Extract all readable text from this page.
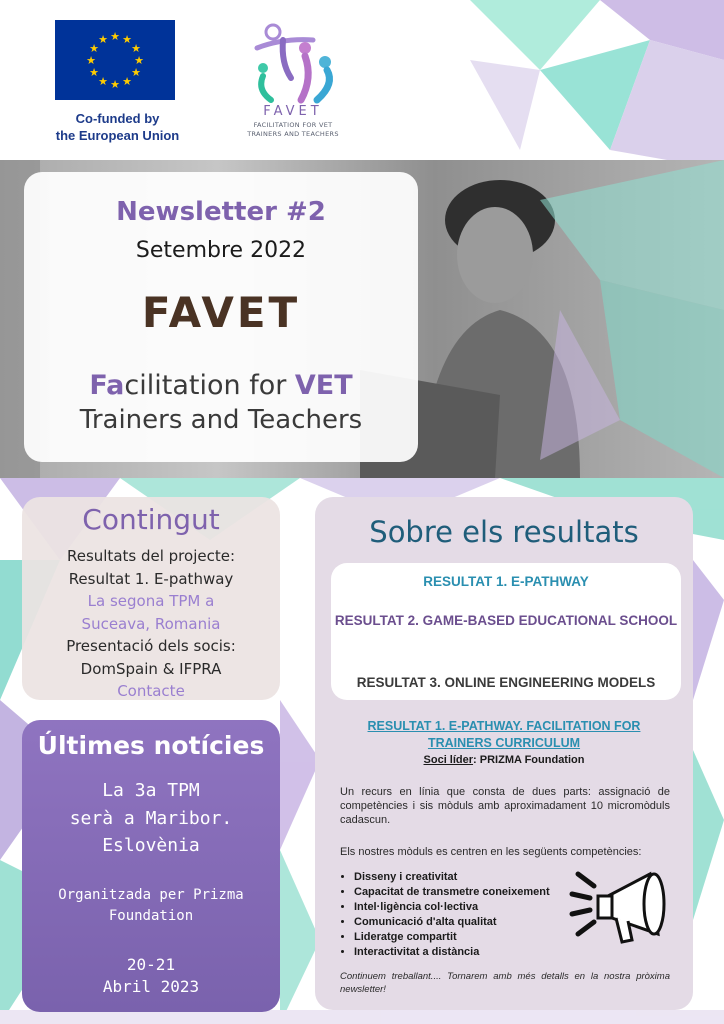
★ ★
★
★
★
★
★
★
★
★
★
★
Co-funded by
the European Union
FAVET
FACILITATION FOR VET
TRAINERS AND TEACHERS
Newsletter #2
Setembre 2022
FAVET
Facilitation for VET
Trainers and Teachers
Contingut
Resultats del projecte:
Resultat 1. E-pathway
La segona TPM a
Suceava, Romania
Presentació dels socis:
DomSpain & IFPRA
Contacte
Últimes notícies
La 3a TPM
serà a Maribor.
Eslovènia
Organitzada per Prizma
Foundation
20-21
Abril 2023
Sobre els resultats
RESULTAT 1. E-PATHWAY
RESULTAT 2. GAME-BASED EDUCATIONAL SCHOOL
RESULTAT 3. ONLINE ENGINEERING MODELS
RESULTAT 1. E-PATHWAY. FACILITATION FOR TRAINERS CURRICULUM
Soci líder: PRIZMA Foundation
Un recurs en línia que consta de dues parts: assignació de competències i sis mòduls amb aproximadament 10 micromòduls cadascun.
Els nostres mòduls es centren en les següents competències:
• Disseny i creativitat
• Capacitat de transmetre coneixement
• Intel·ligència col·lectiva
• Comunicació d'alta qualitat
• Lideratge compartit
• Interactivitat a distància
Continuem treballant.... Tornarem amb més detalls en la nostra pròxima newsletter!
